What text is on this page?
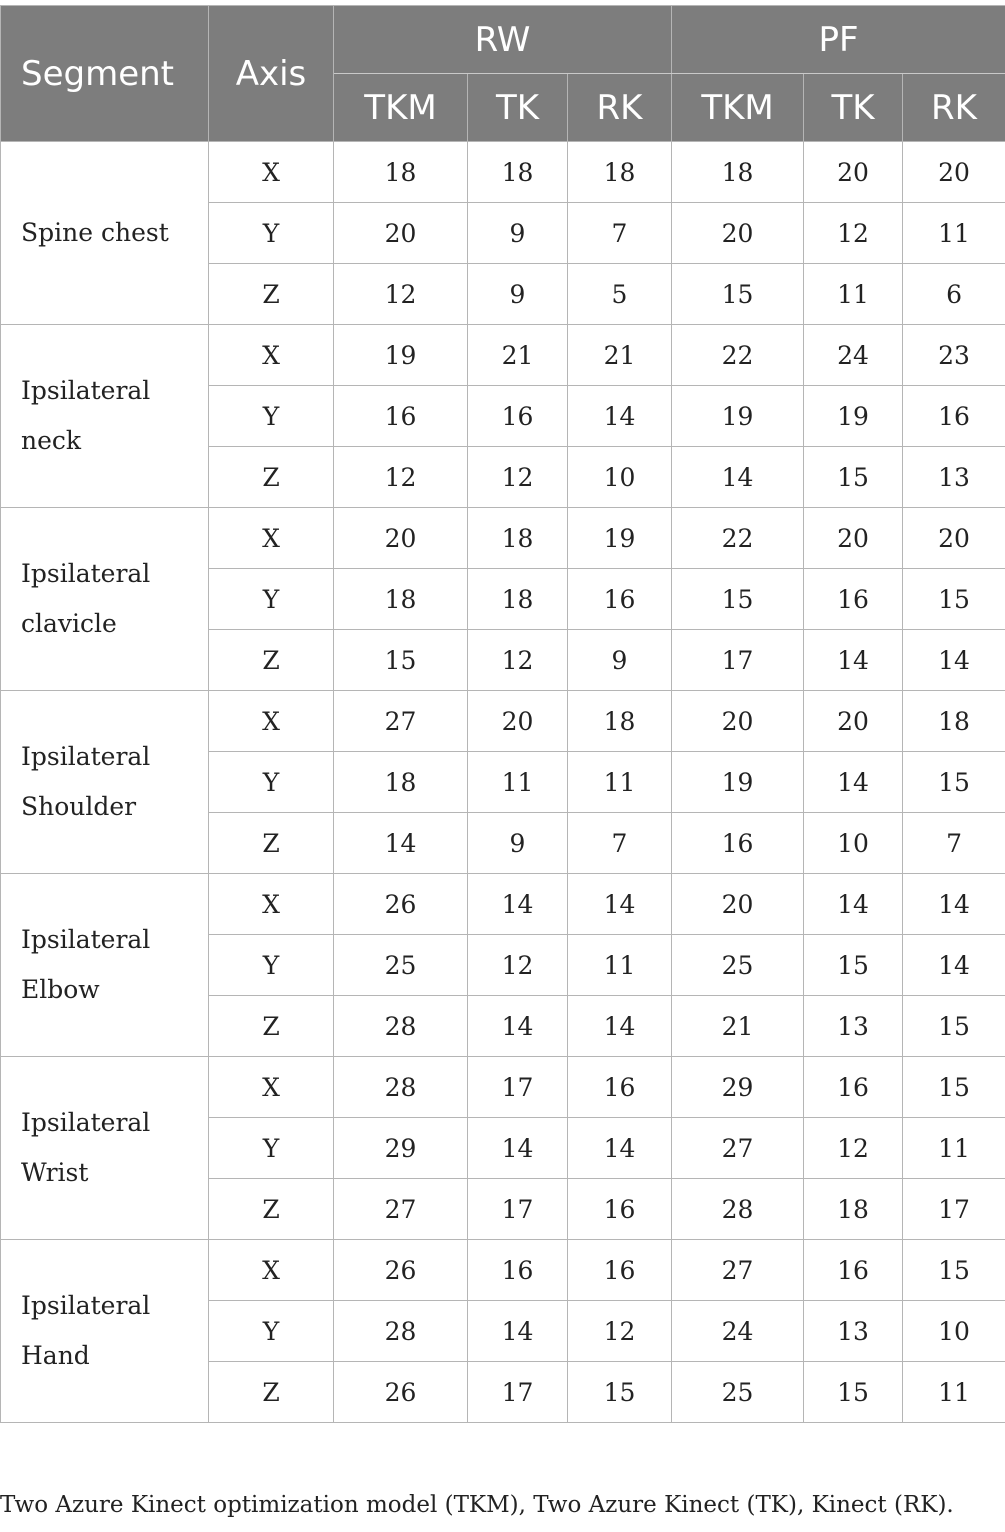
Segment	Axis	RW			PF		
		TKM	TK	RK	TKM	TK	RK
Spine chest	X	18	18	18	18	20	20
	Y	20	9	7	20	12	11
	Z	12	9	5	15	11	6
Ipsilateral
neck	X	19	21	21	22	24	23
	Y	16	16	14	19	19	16
	Z	12	12	10	14	15	13
Ipsilateral
clavicle	X	20	18	19	22	20	20
	Y	18	18	16	15	16	15
	Z	15	12	9	17	14	14
Ipsilateral
Shoulder	X	27	20	18	20	20	18
	Y	18	11	11	19	14	15
	Z	14	9	7	16	10	7
Ipsilateral
Elbow	X	26	14	14	20	14	14
	Y	25	12	11	25	15	14
	Z	28	14	14	21	13	15
Ipsilateral
Wrist	X	28	17	16	29	16	15
	Y	29	14	14	27	12	11
	Z	27	17	16	28	18	17
Ipsilateral
Hand	X	26	16	16	27	16	15
	Y	28	14	12	24	13	10
	Z	26	17	15	25	15	11
Two Azure Kinect optimization model (TKM), Two Azure Kinect (TK), Kinect (RK).
